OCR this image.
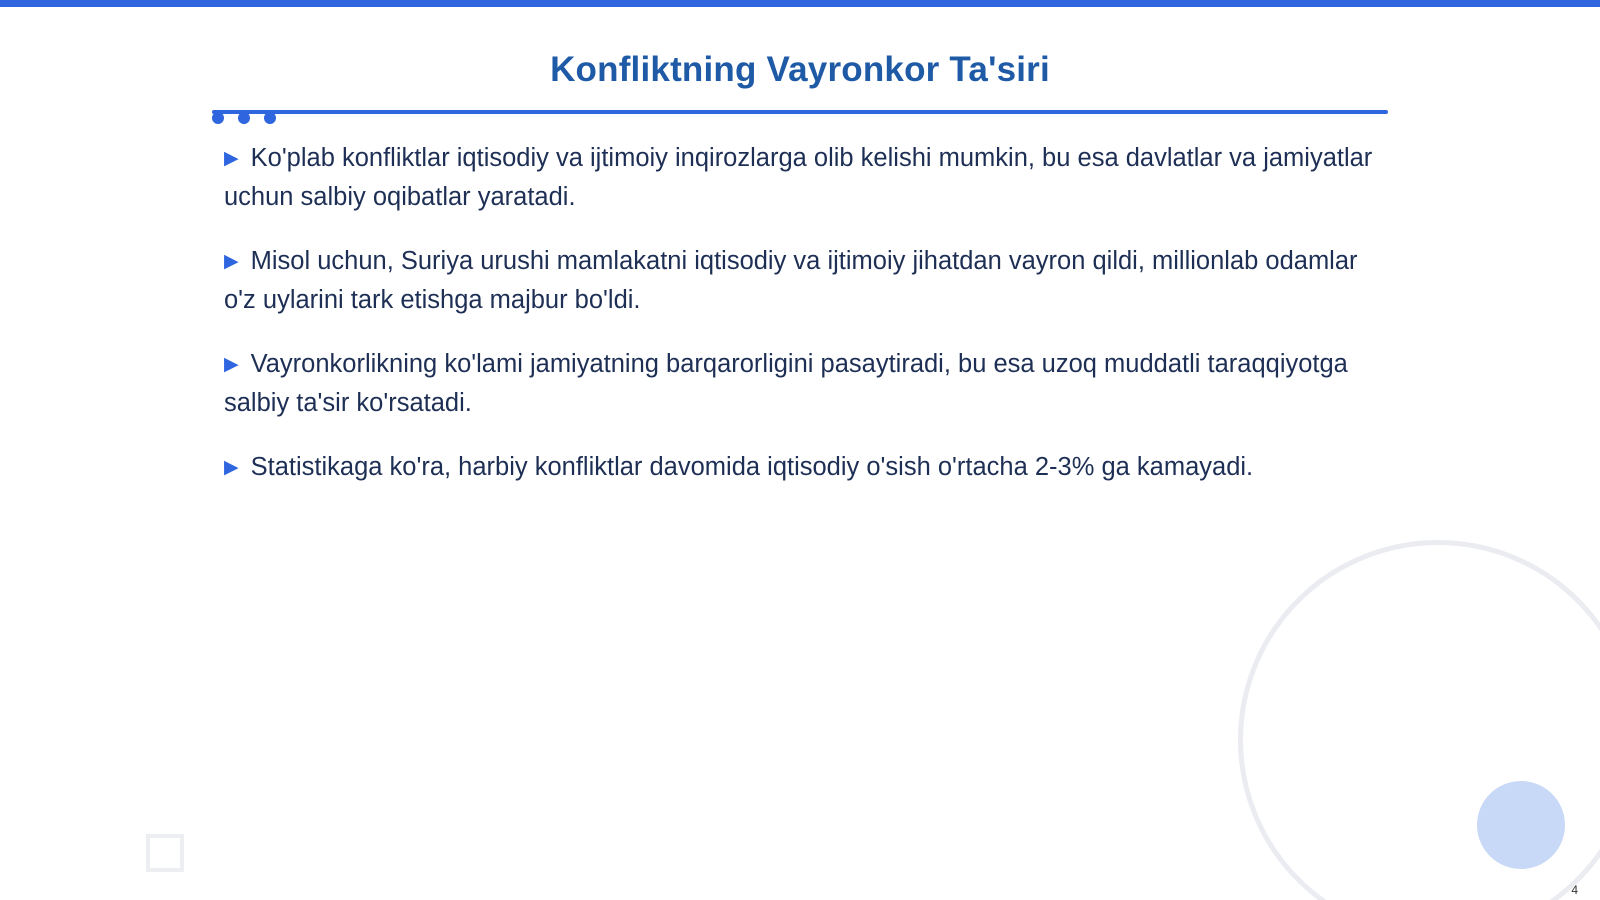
Konfliktning Vayronkor Ta'siri
▶ Ko'plab konfliktlar iqtisodiy va ijtimoiy inqirozlarga olib kelishi mumkin, bu esa davlatlar va jamiyatlar uchun salbiy oqibatlar yaratadi.
▶ Misol uchun, Suriya urushi mamlakatni iqtisodiy va ijtimoiy jihatdan vayron qildi, millionlab odamlar o'z uylarini tark etishga majbur bo'ldi.
▶ Vayronkorlikning ko'lami jamiyatning barqarorligini pasaytiradi, bu esa uzoq muddatli taraqqiyotga salbiy ta'sir ko'rsatadi.
▶ Statistikaga ko'ra, harbiy konfliktlar davomida iqtisodiy o'sish o'rtacha 2-3% ga kamayadi.
4
